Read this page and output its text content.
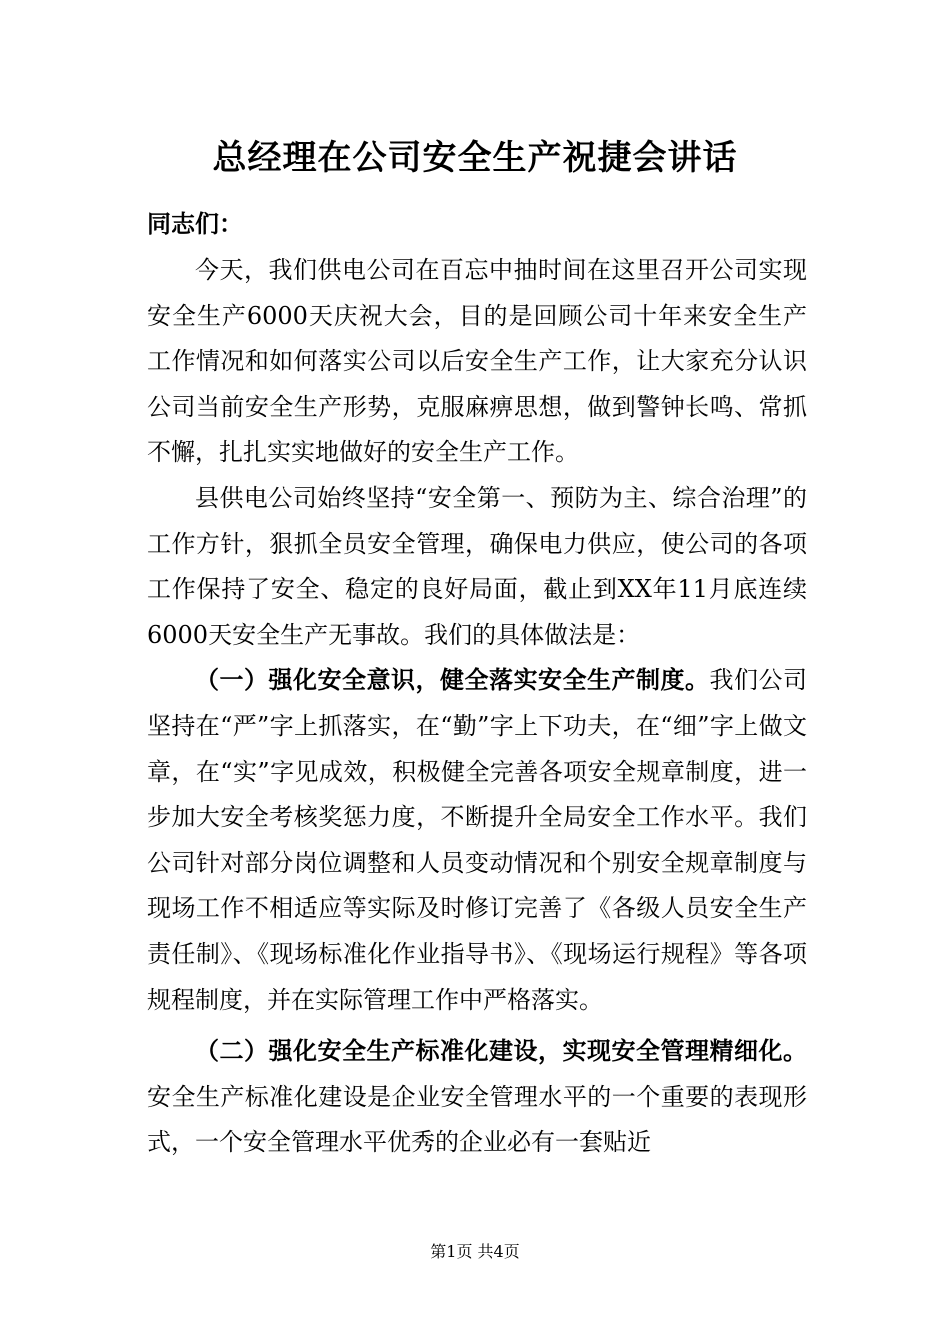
总经理在公司安全生产祝捷会讲话
同志们：

今天，我们供电公司在百忘中抽时间在这里召开公司实现安全生产6000天庆祝大会，目的是回顾公司十年来安全生产工作情况和如何落实公司以后安全生产工作，让大家充分认识公司当前安全生产形势，克服麻痹思想，做到警钟长鸣、常抓不懈，扎扎实实地做好的安全生产工作。

县供电公司始终坚持“安全第一、预防为主、综合治理”的工作方针，狠抓全员安全管理，确保电力供应，使公司的各项工作保持了安全、稳定的良好局面，截止到XX年11月底连续6000天安全生产无事故。我们的具体做法是：

（一）强化安全意识，健全落实安全生产制度。我们公司坚持在“严”字上抓落实，在“勤”字上下功夫，在“细”字上做文章，在“实”字见成效，积极健全完善各项安全规章制度，进一步加大安全考核奖惩力度，不断提升全局安全工作水平。我们公司针对部分岗位调整和人员变动情况和个别安全规章制度与现场工作不相适应等实际及时修订完善了《各级人员安全生产责任制》、《现场标准化作业指导书》、《现场运行规程》等各项规程制度，并在实际管理工作中严格落实。

（二）强化安全生产标准化建设，实现安全管理精细化。安全生产标准化建设是企业安全管理水平的一个重要的表现形式，一个安全管理水平优秀的企业必有一套贴近

第1页 共4页
